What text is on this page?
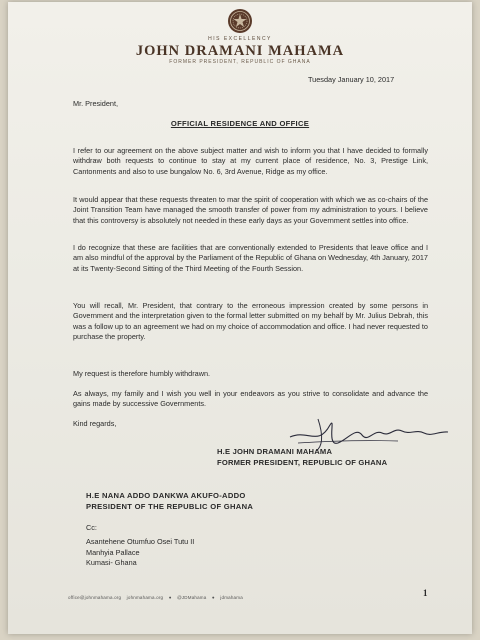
HIS EXCELLENCY
JOHN DRAMANI MAHAMA
FORMER PRESIDENT, REPUBLIC OF GHANA
Tuesday January 10, 2017
Mr. President,
OFFICIAL RESIDENCE AND OFFICE
I refer to our agreement on the above subject matter and wish to inform you that I have decided to formally withdraw both requests to continue to stay at my current place of residence, No. 3, Prestige Link, Cantonments and also to use bungalow No. 6, 3rd Avenue, Ridge as my office.
It would appear that these requests threaten to mar the spirit of cooperation with which we as co-chairs of the Joint Transition Team have managed the smooth transfer of power from my administration to yours. I believe that this controversy is absolutely not needed in these early days as your Government settles into office.
I do recognize that these are facilities that are conventionally extended to Presidents that leave office and I am also mindful of the approval by the Parliament of the Republic of Ghana on Wednesday, 4th January, 2017 at its Twenty-Second Sitting of the Third Meeting of the Fourth Session.
You will recall, Mr. President, that contrary to the erroneous impression created by some persons in Government and the interpretation given to the formal letter submitted on my behalf by Mr. Julius Debrah, this was a follow up to an agreement we had on my choice of accommodation and office. I had never requested to purchase the property.
My request is therefore humbly withdrawn.
As always, my family and I wish you well in your endeavors as you strive to consolidate and advance the gains made by successive Governments.
Kind regards,
H.E JOHN DRAMANI MAHAMA
FORMER PRESIDENT, REPUBLIC OF GHANA
H.E NANA ADDO DANKWA AKUFO-ADDO
PRESIDENT OF THE REPUBLIC OF GHANA
Cc:
Asantehene Otumfuo Osei Tutu II
Manhyia Pallace
Kumasi- Ghana
office@johnmahama.org johnmahama.org ● @JDMahama ● jdmahama	1
